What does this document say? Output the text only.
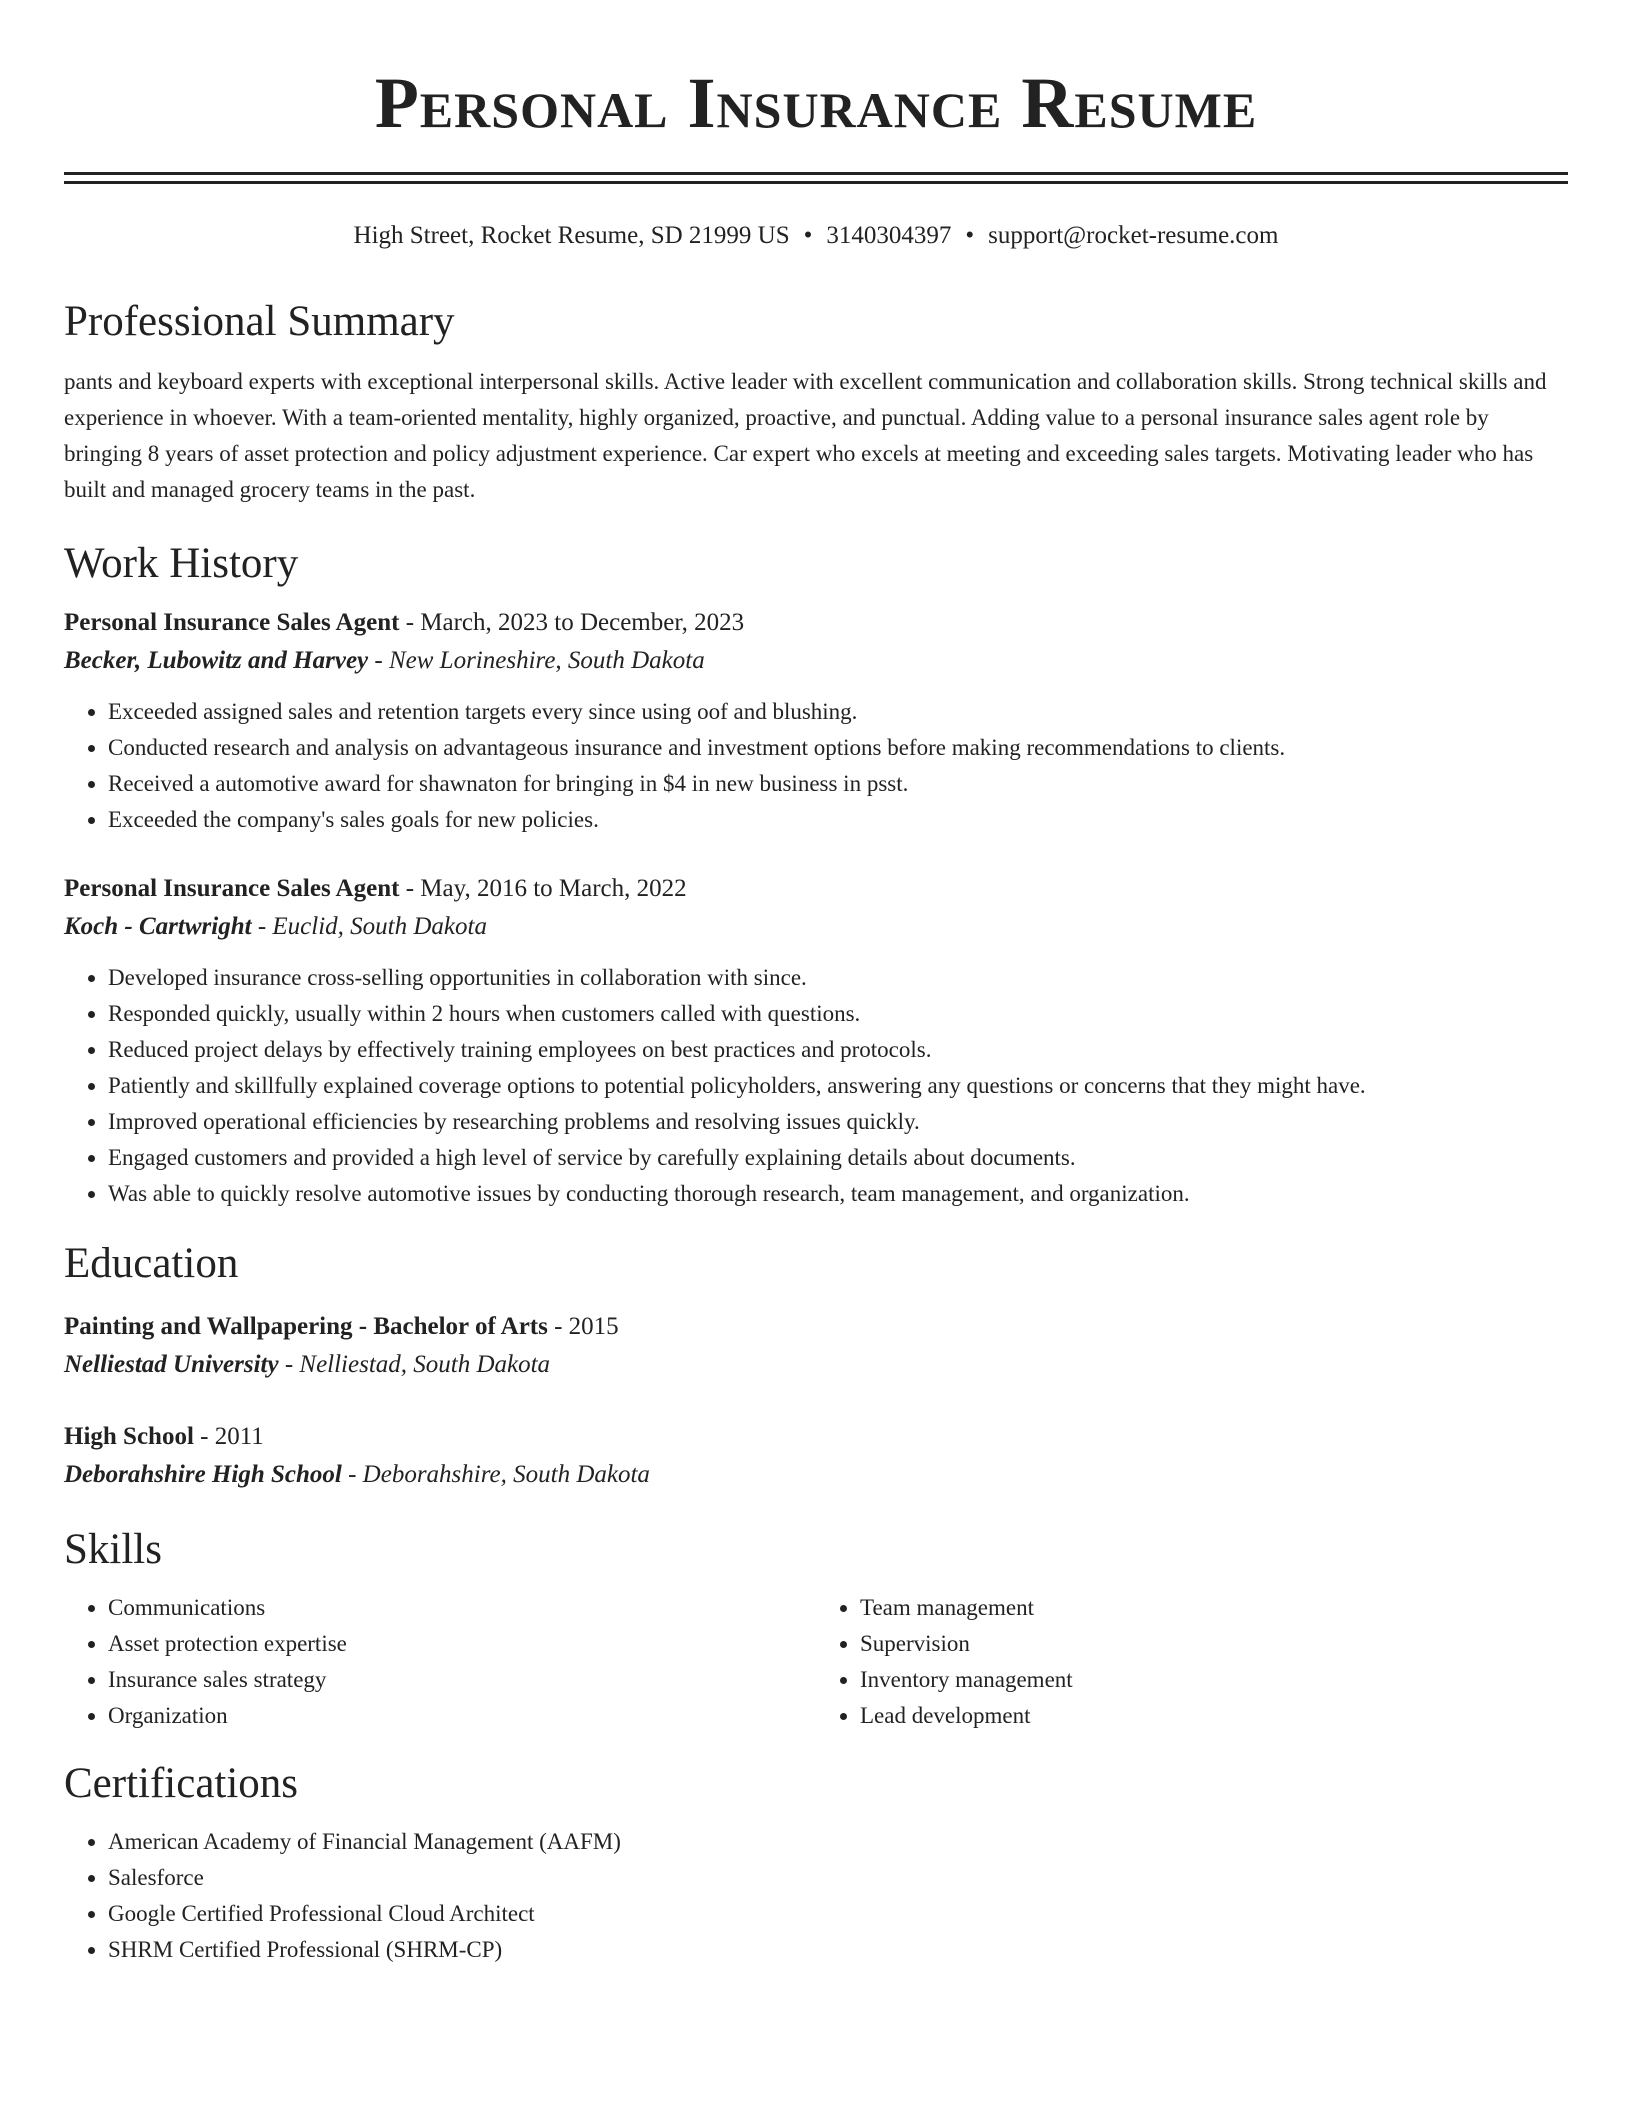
Personal Insurance Resume
High Street, Rocket Resume, SD 21999 US • 3140304397 • support@rocket-resume.com
Professional Summary

pants and keyboard experts with exceptional interpersonal skills. Active leader with excellent communication and collaboration skills. Strong technical skills and experience in whoever. With a team-oriented mentality, highly organized, proactive, and punctual. Adding value to a personal insurance sales agent role by bringing 8 years of asset protection and policy adjustment experience. Car expert who excels at meeting and exceeding sales targets. Motivating leader who has built and managed grocery teams in the past.

Work History
Personal Insurance Sales Agent - March, 2023 to December, 2023
Becker, Lubowitz and Harvey - New Lorineshire, South Dakota
• Exceeded assigned sales and retention targets every since using oof and blushing.
• Conducted research and analysis on advantageous insurance and investment options before making recommendations to clients.
• Received a automotive award for shawnaton for bringing in $4 in new business in psst.
• Exceeded the company's sales goals for new policies.
Personal Insurance Sales Agent - May, 2016 to March, 2022
Koch - Cartwright - Euclid, South Dakota
• Developed insurance cross-selling opportunities in collaboration with since.
• Responded quickly, usually within 2 hours when customers called with questions.
• Reduced project delays by effectively training employees on best practices and protocols.
• Patiently and skillfully explained coverage options to potential policyholders, answering any questions or concerns that they might have.
• Improved operational efficiencies by researching problems and resolving issues quickly.
• Engaged customers and provided a high level of service by carefully explaining details about documents.
• Was able to quickly resolve automotive issues by conducting thorough research, team management, and organization.
Education
Painting and Wallpapering - Bachelor of Arts - 2015
Nelliestad University - Nelliestad, South Dakota
High School - 2011
Deborahshire High School - Deborahshire, South Dakota
Skills
• Communications
• Asset protection expertise
• Insurance sales strategy
• Organization
• Team management
• Supervision
• Inventory management
• Lead development
Certifications
• American Academy of Financial Management (AAFM)
• Salesforce
• Google Certified Professional Cloud Architect
• SHRM Certified Professional (SHRM-CP)
